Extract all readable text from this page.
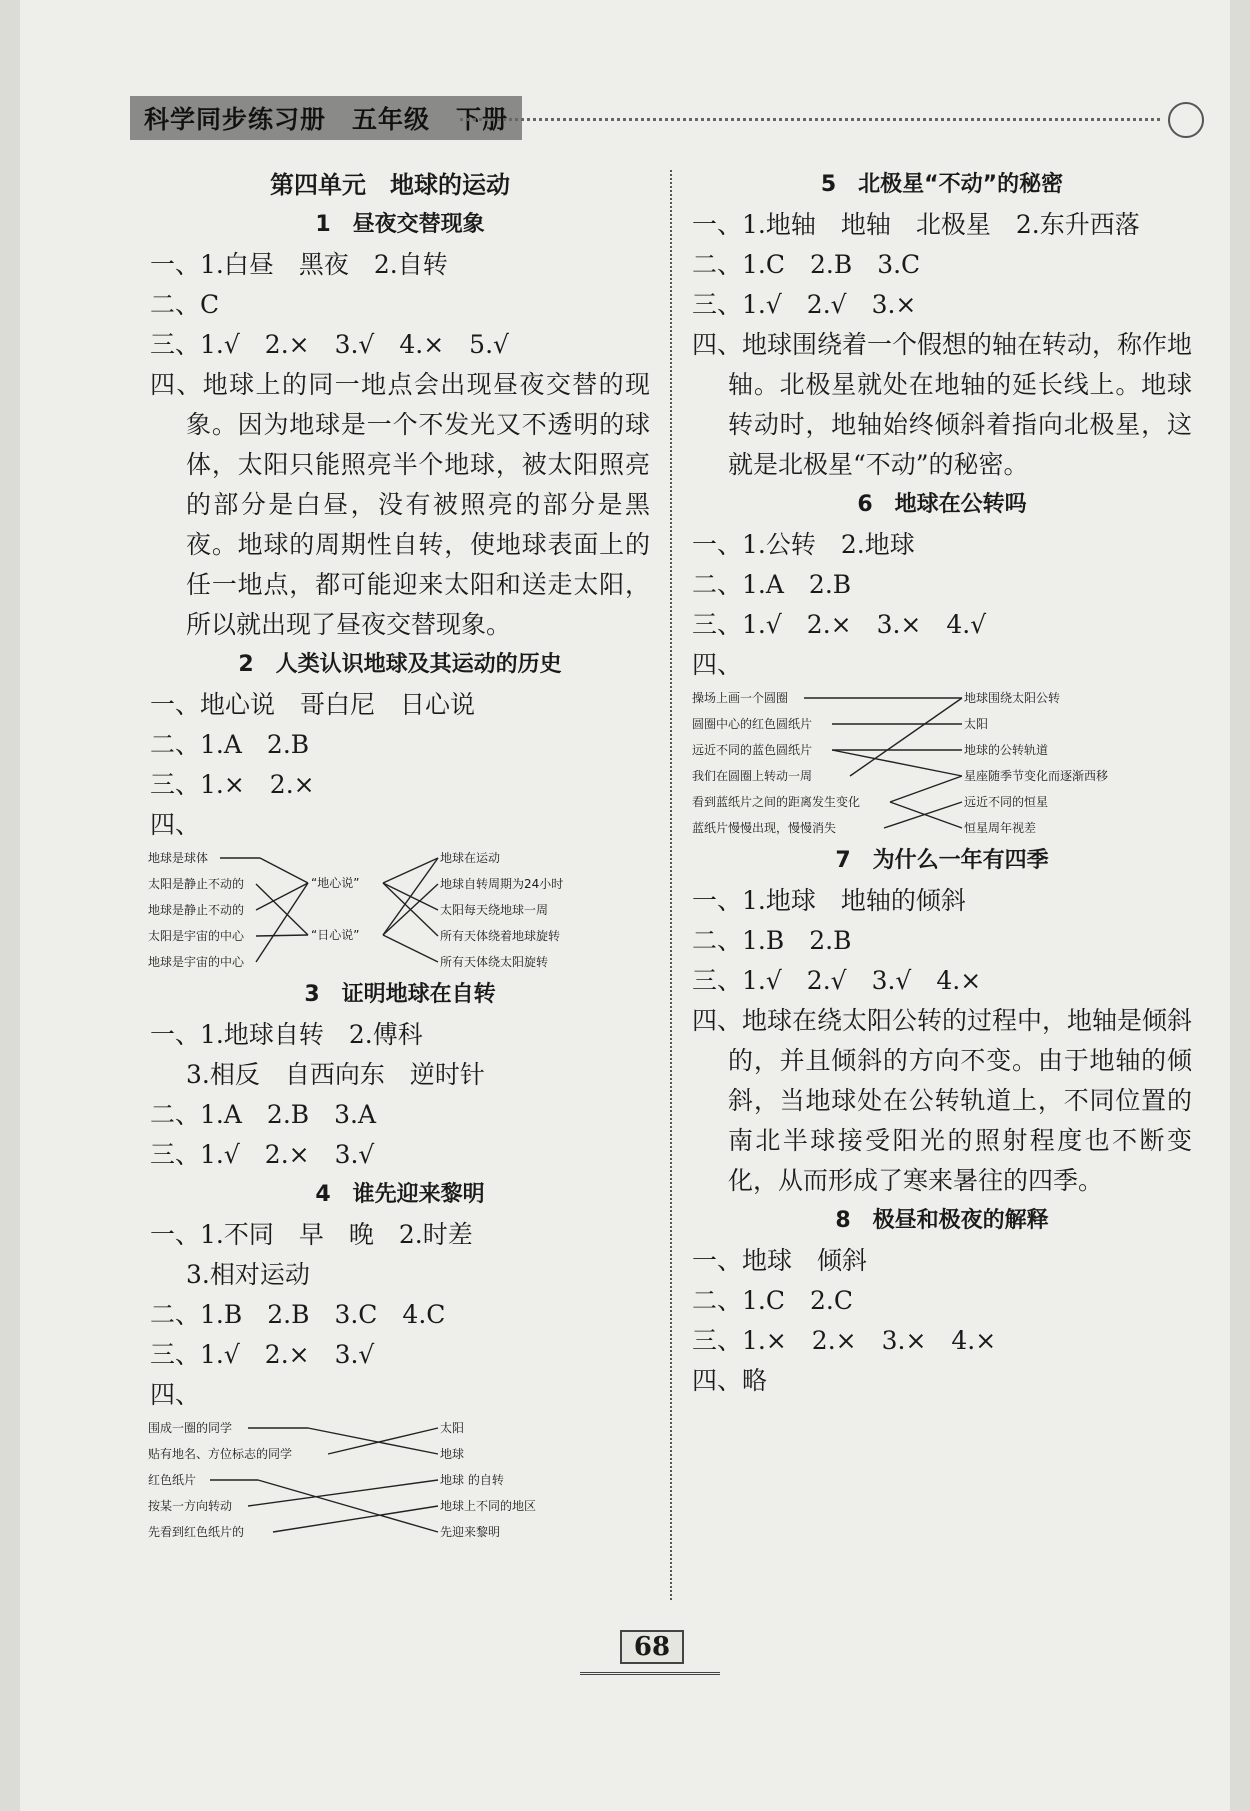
科学同步练习册　五年级　下册
第四单元　地球的运动
1　昼夜交替现象
一、1.白昼　黑夜　2.自转
二、C
三、1.√　2.×　3.√　4.×　5.√
四、地球上的同一地点会出现昼夜交替的现象。因为地球是一个不发光又不透明的球体，太阳只能照亮半个地球，被太阳照亮的部分是白昼，没有被照亮的部分是黑夜。地球的周期性自转，使地球表面上的任一地点，都可能迎来太阳和送走太阳，所以就出现了昼夜交替现象。
2　人类认识地球及其运动的历史
一、地心说　哥白尼　日心说
二、1.A　2.B
三、1.×　2.×
四、
地球是球体
太阳是静止不动的
地球是静止不动的
太阳是宇宙的中心
地球是宇宙的中心
“地心说”
“日心说”
地球在运动
地球自转周期为24小时
太阳每天绕地球一周
所有天体绕着地球旋转
所有天体绕太阳旋转
3　证明地球在自转
一、1.地球自转　2.傅科
3.相反　自西向东　逆时针
二、1.A　2.B　3.A
三、1.√　2.×　3.√
4　谁先迎来黎明
一、1.不同　早　晚　2.时差
3.相对运动
二、1.B　2.B　3.C　4.C
三、1.√　2.×　3.√
四、
围成一圈的同学
贴有地名、方位标志的同学
红色纸片
按某一方向转动
先看到红色纸片的
太阳
地球
地球 的自转
地球上不同的地区
先迎来黎明
5　北极星“不动”的秘密
一、1.地轴　地轴　北极星　2.东升西落
二、1.C　2.B　3.C
三、1.√　2.√　3.×
四、地球围绕着一个假想的轴在转动，称作地轴。北极星就处在地轴的延长线上。地球转动时，地轴始终倾斜着指向北极星，这就是北极星“不动”的秘密。
6　地球在公转吗
一、1.公转　2.地球
二、1.A　2.B
三、1.√　2.×　3.×　4.√
四、
操场上画一个圆圈
圆圈中心的红色圆纸片
远近不同的蓝色圆纸片
我们在圆圈上转动一周
看到蓝纸片之间的距离发生变化
蓝纸片慢慢出现，慢慢消失
地球围绕太阳公转
太阳
地球的公转轨道
星座随季节变化而逐渐西移
远近不同的恒星
恒星周年视差
7　为什么一年有四季
一、1.地球　地轴的倾斜
二、1.B　2.B
三、1.√　2.√　3.√　4.×
四、地球在绕太阳公转的过程中，地轴是倾斜的，并且倾斜的方向不变。由于地轴的倾斜，当地球处在公转轨道上，不同位置的南北半球接受阳光的照射程度也不断变化，从而形成了寒来暑往的四季。
8　极昼和极夜的解释
一、地球　倾斜
二、1.C　2.C
三、1.×　2.×　3.×　4.×
四、略
68
